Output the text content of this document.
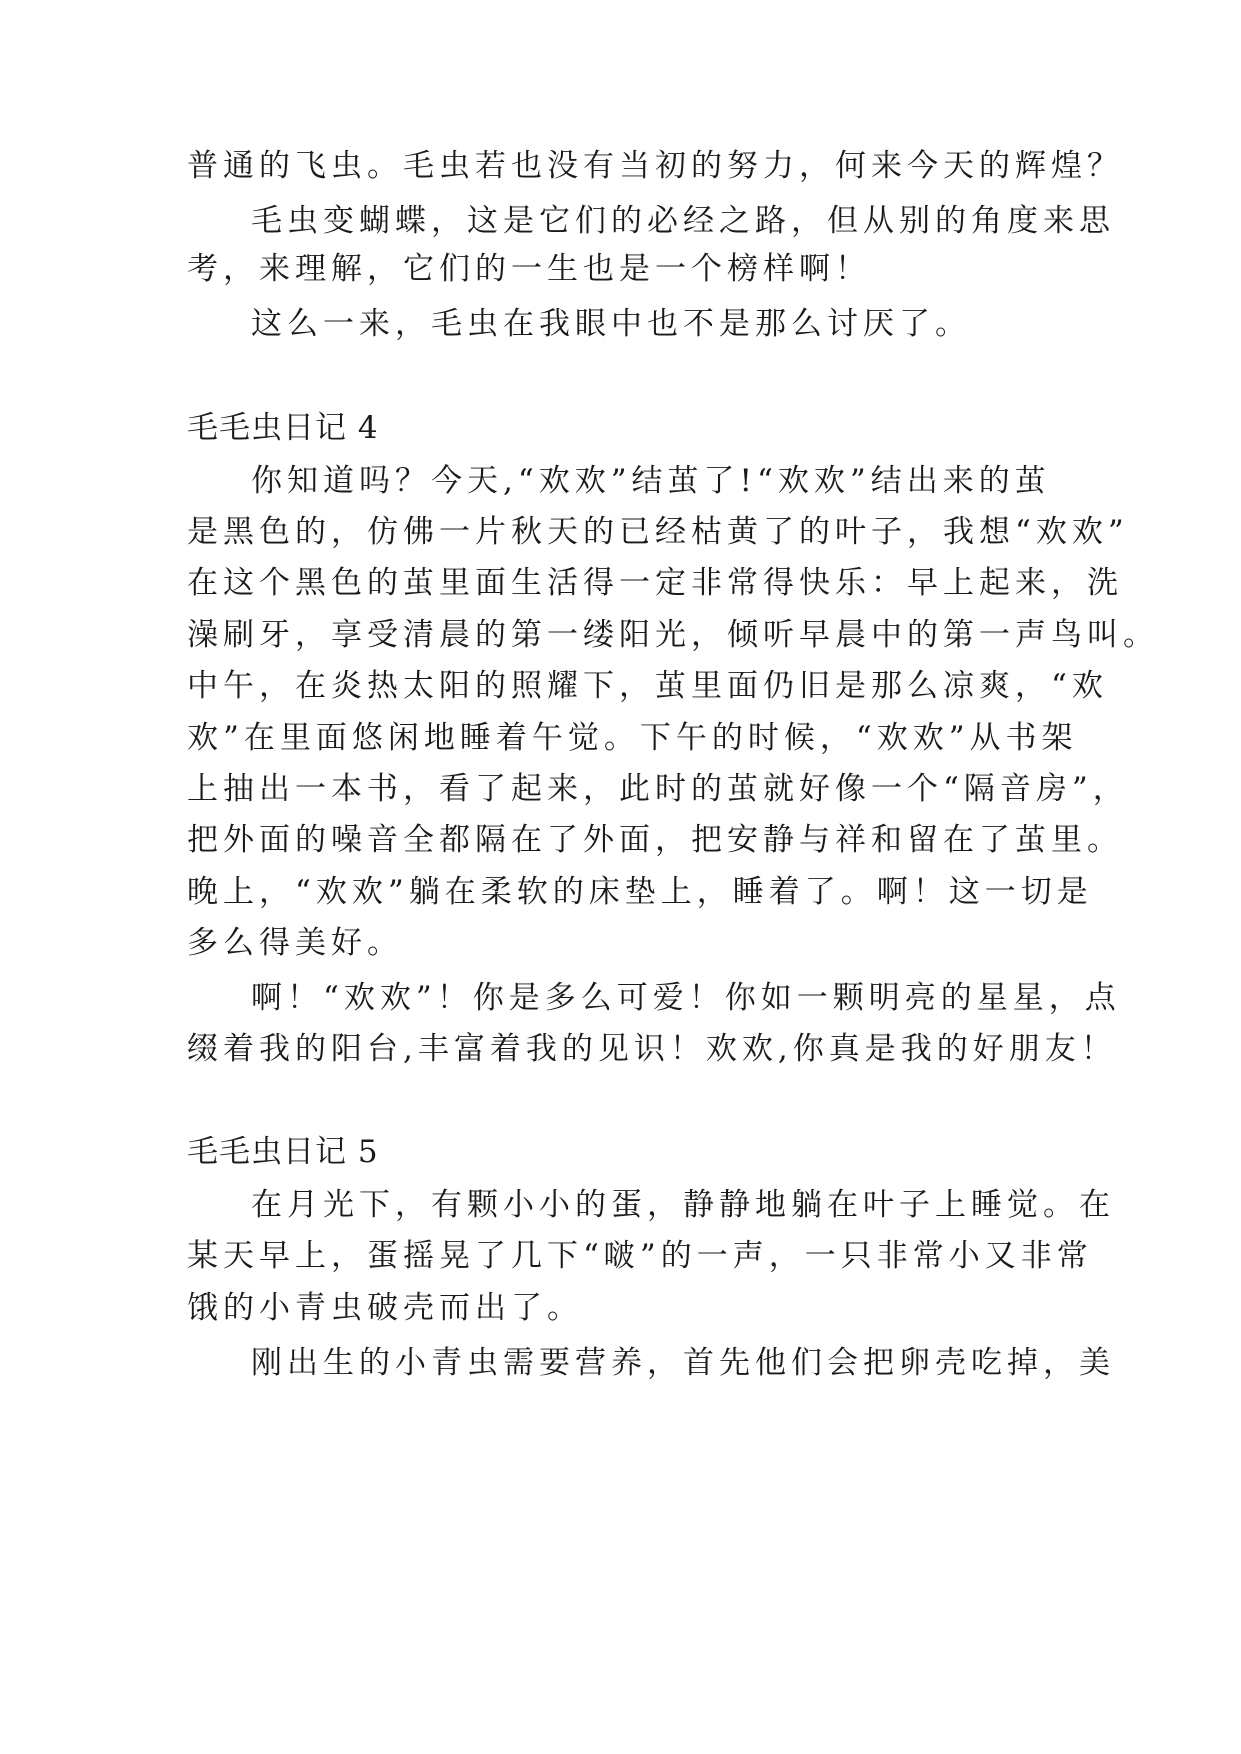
普通的飞虫。毛虫若也没有当初的努力，何来今天的辉煌？
毛虫变蝴蝶，这是它们的必经之路，但从别的角度来思
考，来理解，它们的一生也是一个榜样啊！
这么一来，毛虫在我眼中也不是那么讨厌了。
毛毛虫日记 4
你知道吗？今天,“欢欢”结茧了!“欢欢”结出来的茧
是黑色的，仿佛一片秋天的已经枯黄了的叶子，我想“欢欢”
在这个黑色的茧里面生活得一定非常得快乐：早上起来，洗
澡刷牙，享受清晨的第一缕阳光，倾听早晨中的第一声鸟叫。
中午，在炎热太阳的照耀下，茧里面仍旧是那么凉爽，“欢
欢”在里面悠闲地睡着午觉。下午的时候，“欢欢”从书架
上抽出一本书，看了起来，此时的茧就好像一个“隔音房”，
把外面的噪音全都隔在了外面，把安静与祥和留在了茧里。
晚上，“欢欢”躺在柔软的床垫上，睡着了。啊！这一切是
多么得美好。
啊！“欢欢”！你是多么可爱！你如一颗明亮的星星，点
缀着我的阳台,丰富着我的见识！欢欢,你真是我的好朋友！
毛毛虫日记 5
在月光下，有颗小小的蛋，静静地躺在叶子上睡觉。在
某天早上，蛋摇晃了几下“啵”的一声，一只非常小又非常
饿的小青虫破壳而出了。
刚出生的小青虫需要营养，首先他们会把卵壳吃掉，美
